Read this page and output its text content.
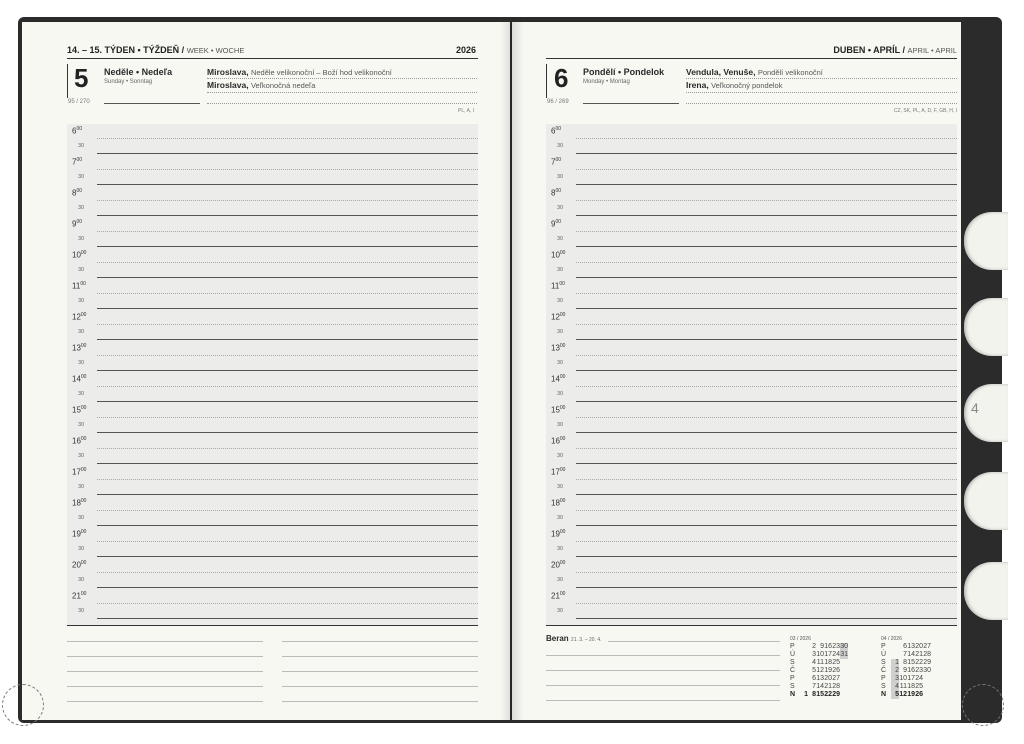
14. – 15. TÝDEN • TÝŽDEŇ / WEEK • WOCHE	2026
5 Neděle • Nedeľa
Sunday • Sonntag
95 / 270
Miroslava, Neděle velikonoční – Boží hod velikonoční
Miroslava, Veľkonočná nedeľa
PL, A, I
$6^{00}$
30
$7^{00}$
30
$8^{00}$
30
$9^{00}$
30
$10^{00}$
30
$11^{00}$
30
$12^{00}$
30
$13^{00}$
30
$14^{00}$
30
$15^{00}$
30
$16^{00}$
30
$17^{00}$
30
$18^{00}$
30
$19^{00}$
30
$20^{00}$
30
$21^{00}$
30
DUBEN • APRÍL / APRIL • APRIL
6 Pondělí • Pondelok
Monday • Montag
96 / 269
Vendula, Venuše, Pondělí velikonoční
Irena, Veľkonočný pondelok
CZ, SK, PL, A, D, F, GB, H, I
$6^{00}$
30
$7^{00}$
30
$8^{00}$
30
$9^{00}$
30
$10^{00}$
30
$11^{00}$
30
$12^{00}$
30
$13^{00}$
30
$14^{00}$
30
$15^{00}$
30
$16^{00}$
30
$17^{00}$
30
$18^{00}$
30
$19^{00}$
30
$20^{00}$
30
$21^{00}$
30
Beran 21. 3. – 20. 4.	03 / 2026
P 2 9162330
Ú 310172431
S 4111825
Č 5121926
P 6132027
S 7142128
N 1 8152229
04 / 2026
P 6132027
Ú 7142128
S 1 8152229
Č 2 9162330
P 3101724
S 4111825
N 5121926
4
